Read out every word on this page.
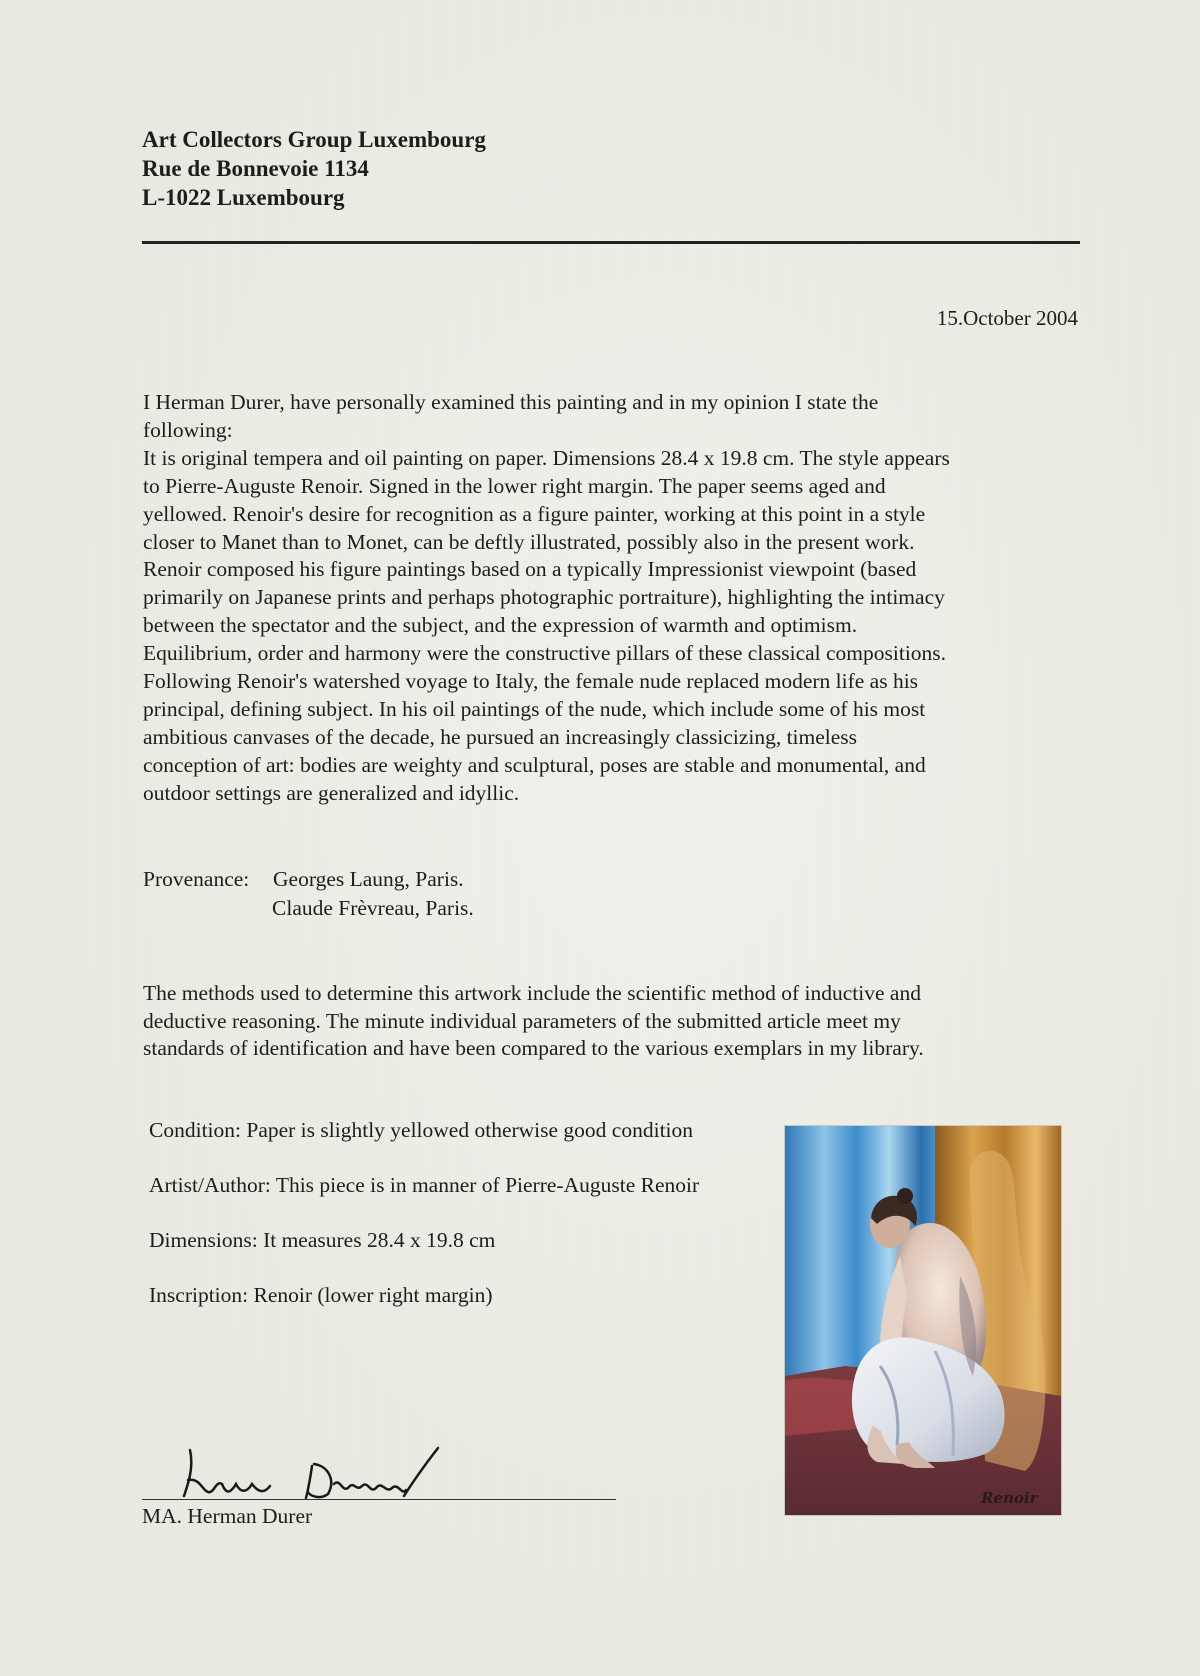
Art Collectors Group Luxembourg
Rue de Bonnevoie 1134
L-1022 Luxembourg
15.October 2004

I Herman Durer, have personally examined this painting and in my opinion I state the

following:

It is original tempera and oil painting on paper. Dimensions 28.4 x 19.8 cm. The style appears

to Pierre-Auguste Renoir. Signed in the lower right margin. The paper seems aged and

yellowed. Renoir's desire for recognition as a figure painter, working at this point in a style

closer to Manet than to Monet, can be deftly illustrated, possibly also in the present work.

Renoir composed his figure paintings based on a typically Impressionist viewpoint (based

primarily on Japanese prints and perhaps photographic portraiture), highlighting the intimacy

between the spectator and the subject, and the expression of warmth and optimism.

Equilibrium, order and harmony were the constructive pillars of these classical compositions.

Following Renoir's watershed voyage to Italy, the female nude replaced modern life as his

principal, defining subject. In his oil paintings of the nude, which include some of his most

ambitious canvases of the decade, he pursued an increasingly classicizing, timeless

conception of art: bodies are weighty and sculptural, poses are stable and monumental, and

outdoor settings are generalized and idyllic.

Provenance:	Georges Laung, Paris.
Claude Frèvreau, Paris.
The methods used to determine this artwork include the scientific method of inductive and
deductive reasoning. The minute individual parameters of the submitted article meet my
standards of identification and have been compared to the various exemplars in my library.
Condition: Paper is slightly yellowed otherwise good condition
Artist/Author: This piece is in manner of Pierre-Auguste Renoir
Dimensions: It measures 28.4 x 19.8 cm
Inscription: Renoir (lower right margin)
Renoir
MA. Herman Durer
